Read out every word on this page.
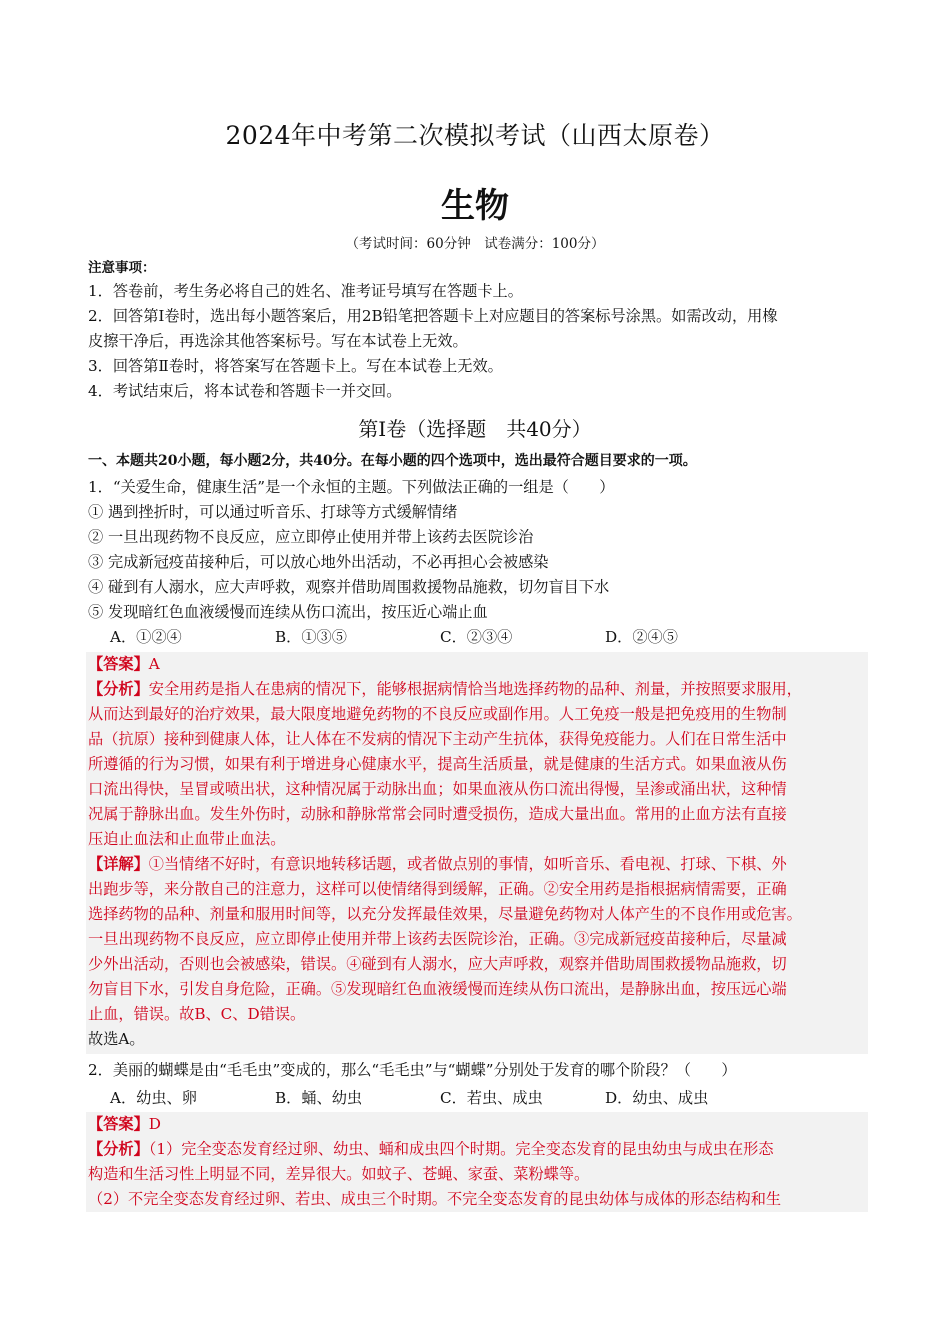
2024年中考第二次模拟考试（山西太原卷）
生物
（考试时间：60分钟　试卷满分：100分）
注意事项：
1．答卷前，考生务必将自己的姓名、准考证号填写在答题卡上。
2．回答第Ⅰ卷时，选出每小题答案后，用2B铅笔把答题卡上对应题目的答案标号涂黑。如需改动，用橡
皮擦干净后，再选涂其他答案标号。写在本试卷上无效。
3．回答第Ⅱ卷时，将答案写在答题卡上。写在本试卷上无效。
4．考试结束后，将本试卷和答题卡一并交回。
第Ⅰ卷（选择题　共40分）
一、本题共20小题，每小题2分，共40分。在每小题的四个选项中，选出最符合题目要求的一项。
1．“关爱生命，健康生活”是一个永恒的主题。下列做法正确的一组是（　　）
① 遇到挫折时，可以通过听音乐、打球等方式缓解情绪
② 一旦出现药物不良反应，应立即停止使用并带上该药去医院诊治
③ 完成新冠疫苗接种后，可以放心地外出活动，不必再担心会被感染
④ 碰到有人溺水，应大声呼救，观察并借助周围救援物品施救，切勿盲目下水
⑤ 发现暗红色血液缓慢而连续从伤口流出，按压近心端止血
A．①②④	B．①③⑤	C．②③④	D．②④⑤
【答案】A
【分析】安全用药是指人在患病的情况下，能够根据病情恰当地选择药物的品种、剂量，并按照要求服用，
从而达到最好的治疗效果，最大限度地避免药物的不良反应或副作用。人工免疫一般是把免疫用的生物制
品（抗原）接种到健康人体，让人体在不发病的情况下主动产生抗体，获得免疫能力。人们在日常生活中
所遵循的行为习惯，如果有利于增进身心健康水平，提高生活质量，就是健康的生活方式。如果血液从伤
口流出得快，呈冒或喷出状，这种情况属于动脉出血；如果血液从伤口流出得慢，呈渗或涌出状，这种情
况属于静脉出血。发生外伤时，动脉和静脉常常会同时遭受损伤，造成大量出血。常用的止血方法有直接
压迫止血法和止血带止血法。
【详解】①当情绪不好时，有意识地转移话题，或者做点别的事情，如听音乐、看电视、打球、下棋、外
出跑步等，来分散自己的注意力，这样可以使情绪得到缓解，正确。②安全用药是指根据病情需要，正确
选择药物的品种、剂量和服用时间等，以充分发挥最佳效果，尽量避免药物对人体产生的不良作用或危害。
一旦出现药物不良反应，应立即停止使用并带上该药去医院诊治，正确。③完成新冠疫苗接种后，尽量减
少外出活动，否则也会被感染，错误。④碰到有人溺水，应大声呼救，观察并借助周围救援物品施救，切
勿盲目下水，引发自身危险，正确。⑤发现暗红色血液缓慢而连续从伤口流出，是静脉出血，按压远心端
止血，错误。故B、C、D错误。
故选A。
2．美丽的蝴蝶是由“毛毛虫”变成的，那么“毛毛虫”与“蝴蝶”分别处于发育的哪个阶段？（　　）
A．幼虫、卵	B．蛹、幼虫	C．若虫、成虫	D．幼虫、成虫
【答案】D
【分析】（1）完全变态发育经过卵、幼虫、蛹和成虫四个时期。完全变态发育的昆虫幼虫与成虫在形态
构造和生活习性上明显不同，差异很大。如蚊子、苍蝇、家蚕、菜粉蝶等。
（2）不完全变态发育经过卵、若虫、成虫三个时期。不完全变态发育的昆虫幼体与成体的形态结构和生
